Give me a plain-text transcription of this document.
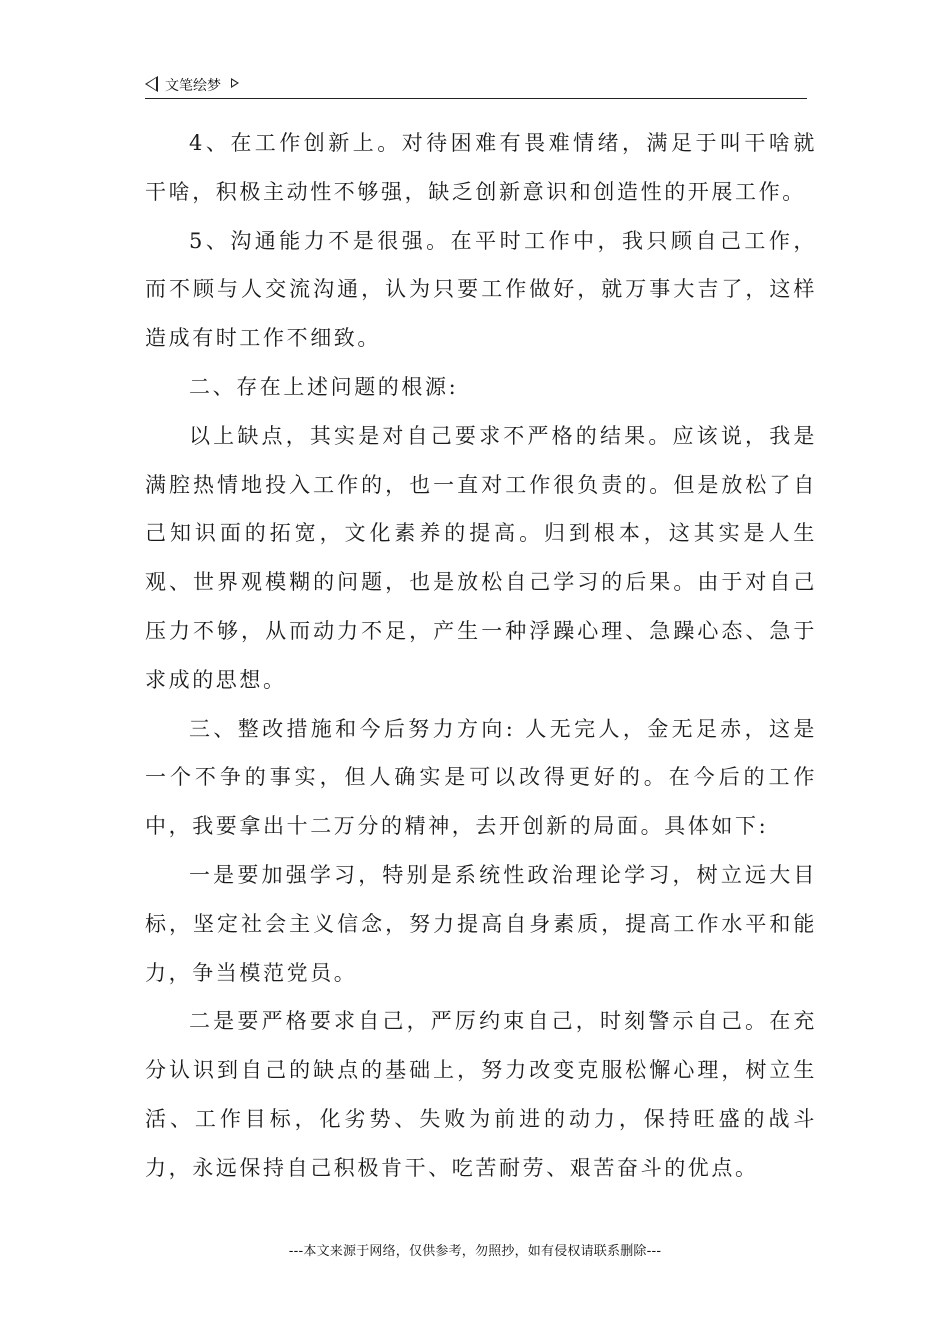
文笔绘梦

4、在工作创新上。对待困难有畏难情绪，满足于叫干啥就干啥，积极主动性不够强，缺乏创新意识和创造性的开展工作。

5、沟通能力不是很强。在平时工作中，我只顾自己工作，而不顾与人交流沟通，认为只要工作做好，就万事大吉了，这样造成有时工作不细致。

二、存在上述问题的根源:

以上缺点，其实是对自己要求不严格的结果。应该说，我是满腔热情地投入工作的，也一直对工作很负责的。但是放松了自己知识面的拓宽，文化素养的提高。归到根本，这其实是人生观、世界观模糊的问题，也是放松自己学习的后果。由于对自己压力不够，从而动力不足，产生一种浮躁心理、急躁心态、急于求成的思想。

三、整改措施和今后努力方向: 人无完人，金无足赤，这是一个不争的事实，但人确实是可以改得更好的。在今后的工作中，我要拿出十二万分的精神，去开创新的局面。具体如下:

一是要加强学习，特别是系统性政治理论学习，树立远大目标，坚定社会主义信念，努力提高自身素质，提高工作水平和能力，争当模范党员。

二是要严格要求自己，严厉约束自己，时刻警示自己。在充分认识到自己的缺点的基础上，努力改变克服松懈心理，树立生活、工作目标，化劣势、失败为前进的动力，保持旺盛的战斗力，永远保持自己积极肯干、吃苦耐劳、艰苦奋斗的优点。

---本文来源于网络，仅供参考，勿照抄，如有侵权请联系删除---
